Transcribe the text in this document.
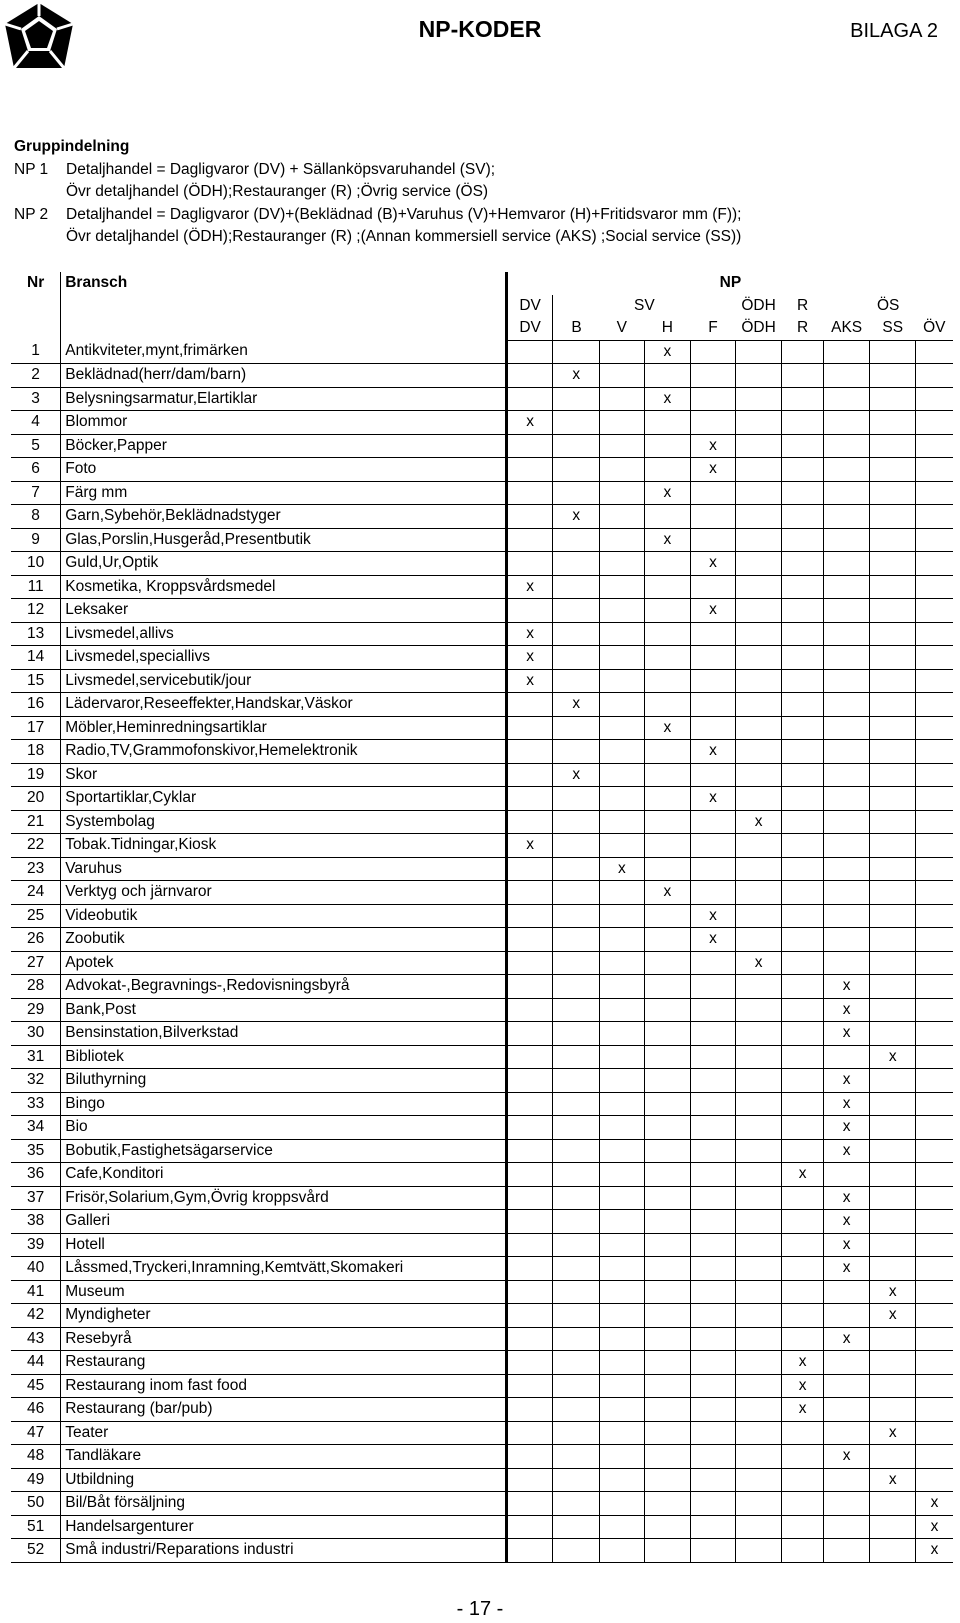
NP-KODER	BILAGA 2
Gruppindelning
NP 1	Detaljhandel = Dagligvaror (DV) + Sällanköpsvaruhandel (SV);
Övr detaljhandel (ÖDH);Restauranger (R) ;Övrig service (ÖS)
NP 2	Detaljhandel = Dagligvaror (DV)+(Beklädnad (B)+Varuhus (V)+Hemvaror (H)+Fritidsvaror mm (F));
Övr detaljhandel (ÖDH);Restauranger (R) ;(Annan kommersiell service (AKS) ;Social service (SS))
Nr	Bransch	NP									
		DV	SV				ÖDH	R	ÖS		
		DV	B	V	H	F	ÖDH	R	AKS	SS	ÖV
1	Antikviteter,mynt,frimärken				x						
2	Beklädnad(herr/dam/barn)		x								
3	Belysningsarmatur,Elartiklar				x						
4	Blommor	x									
5	Böcker,Papper					x					
6	Foto					x					
7	Färg mm				x						
8	Garn,Sybehör,Beklädnadstyger		x								
9	Glas,Porslin,Husgeråd,Presentbutik				x						
10	Guld,Ur,Optik					x					
11	Kosmetika, Kroppsvårdsmedel	x									
12	Leksaker					x					
13	Livsmedel,allivs	x									
14	Livsmedel,speciallivs	x									
15	Livsmedel,servicebutik/jour	x									
16	Lädervaror,Reseeffekter,Handskar,Väskor		x								
17	Möbler,Heminredningsartiklar				x						
18	Radio,TV,Grammofonskivor,Hemelektronik					x					
19	Skor		x								
20	Sportartiklar,Cyklar					x					
21	Systembolag						x				
22	Tobak.Tidningar,Kiosk	x									
23	Varuhus			x							
24	Verktyg och järnvaror				x						
25	Videobutik					x					
26	Zoobutik					x					
27	Apotek						x				
28	Advokat-,Begravnings-,Redovisningsbyrå								x		
29	Bank,Post								x		
30	Bensinstation,Bilverkstad								x		
31	Bibliotek									x	
32	Biluthyrning								x		
33	Bingo								x		
34	Bio								x		
35	Bobutik,Fastighetsägarservice								x		
36	Cafe,Konditori							x			
37	Frisör,Solarium,Gym,Övrig kroppsvård								x		
38	Galleri								x		
39	Hotell								x		
40	Låssmed,Tryckeri,Inramning,Kemtvätt,Skomakeri								x		
41	Museum									x	
42	Myndigheter									x	
43	Resebyrå								x		
44	Restaurang							x			
45	Restaurang inom fast food							x			
46	Restaurang (bar/pub)							x			
47	Teater									x	
48	Tandläkare								x		
49	Utbildning									x	
50	Bil/Båt försäljning										x
51	Handelsargenturer										x
52	Små industri/Reparations industri										x
- 17 -
